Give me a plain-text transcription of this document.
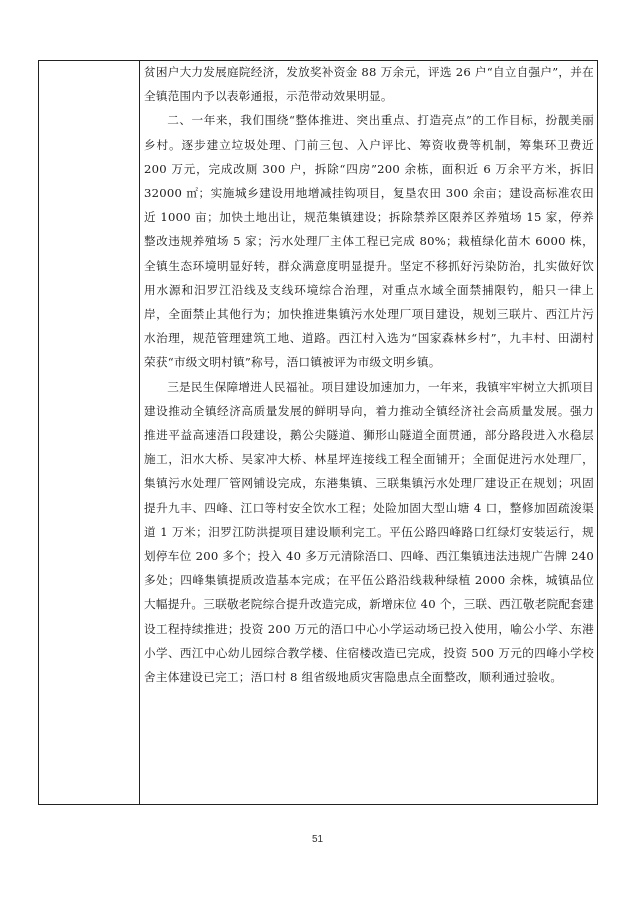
贫困户大力发展庭院经济，发放奖补资金 88 万余元，评选 26 户“自立自强户”，并在全镇范围内予以表彰通报，示范带动效果明显。

二、一年来，我们围绕“整体推进、突出重点、打造亮点”的工作目标，扮靓美丽乡村。逐步建立垃圾处理、门前三包、入户评比、筹资收费等机制，筹集环卫费近 200 万元，完成改厕 300 户，拆除“四房”200 余栋，面积近 6 万余平方米，拆旧 32000 ㎡；实施城乡建设用地增减挂钩项目，复垦农田 300 余亩；建设高标准农田近 1000 亩；加快土地出让，规范集镇建设；拆除禁养区限养区养殖场 15 家，停养整改违规养殖场 5 家；污水处理厂主体工程已完成 80%；栽植绿化苗木 6000 株，全镇生态环境明显好转，群众满意度明显提升。坚定不移抓好污染防治，扎实做好饮用水源和汨罗江沿线及支线环境综合治理，对重点水域全面禁捕限钓，船只一律上岸，全面禁止其他行为；加快推进集镇污水处理厂项目建设，规划三联片、西江片污水治理，规范管理建筑工地、道路。西江村入选为“国家森林乡村”，九丰村、田湖村荣获“市级文明村镇”称号，浯口镇被评为市级文明乡镇。

三是民生保障增进人民福祉。项目建设加速加力，一年来，我镇牢牢树立大抓项目建设推动全镇经济高质量发展的鲜明导向，着力推动全镇经济社会高质量发展。强力推进平益高速浯口段建设，鹅公尖隧道、狮形山隧道全面贯通，部分路段进入水稳层施工，汨水大桥、吴家冲大桥、林星坪连接线工程全面铺开；全面促进污水处理厂，集镇污水处理厂管网铺设完成，东港集镇、三联集镇污水处理厂建设正在规划；巩固提升九丰、四峰、江口等村安全饮水工程；处险加固大型山塘 4 口，整修加固疏浚渠道 1 万米；汨罗江防洪提项目建设顺利完工。平伍公路四峰路口红绿灯安装运行，规划停车位 200 多个；投入 40 多万元清除浯口、四峰、西江集镇违法违规广告牌 240 多处；四峰集镇提质改造基本完成；在平伍公路沿线栽种绿植 2000 余株，城镇品位大幅提升。三联敬老院综合提升改造完成，新增床位 40 个，三联、西江敬老院配套建设工程持续推进；投资 200 万元的浯口中心小学运动场已投入使用，喻公小学、东港小学、西江中心幼儿园综合教学楼、住宿楼改造已完成，投资 500 万元的四峰小学校舍主体建设已完工；浯口村 8 组省级地质灾害隐患点全面整改，顺利通过验收。

51
